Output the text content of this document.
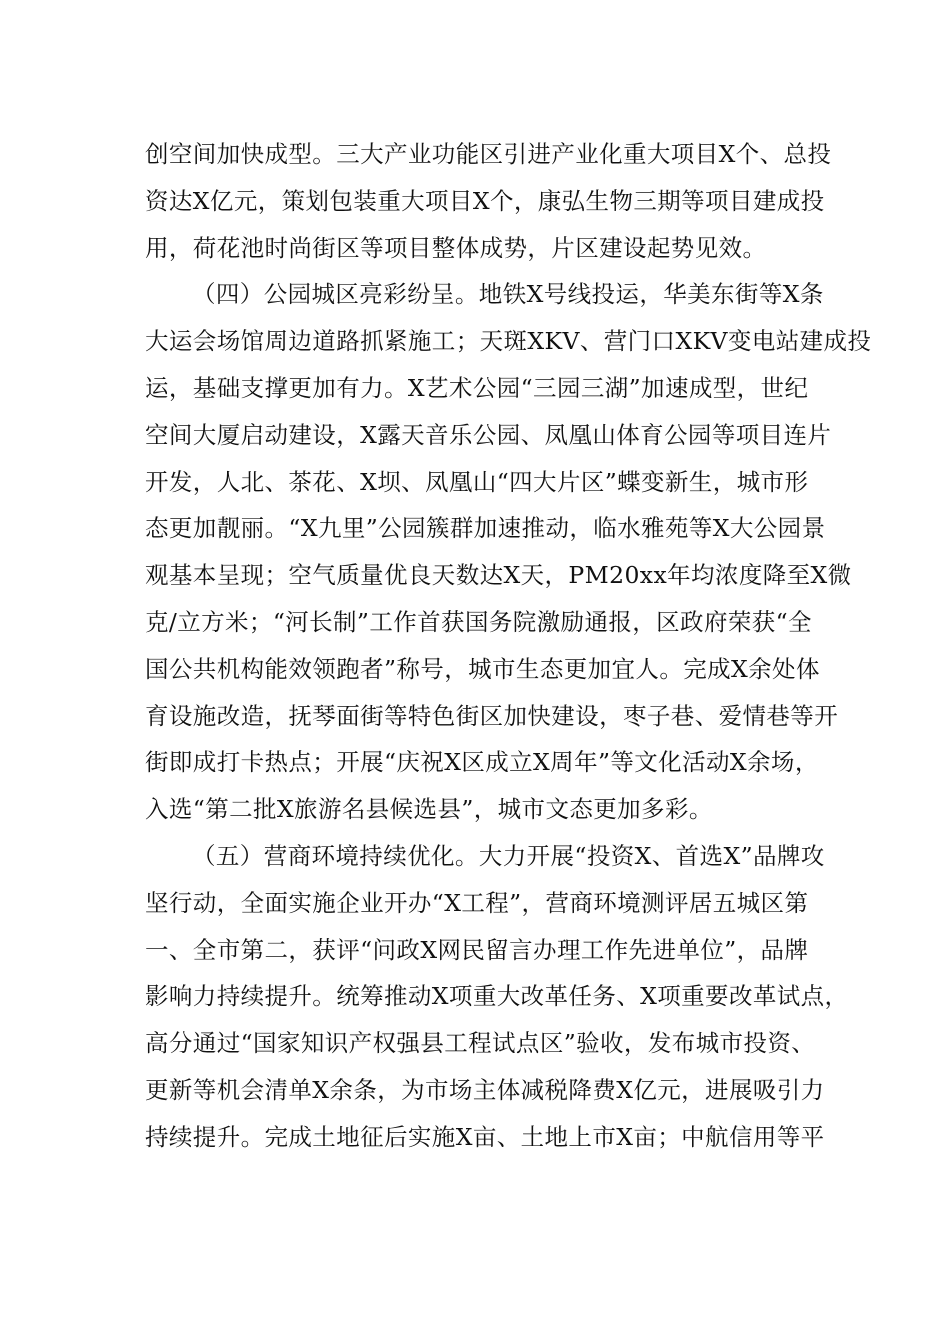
创空间加快成型。三大产业功能区引进产业化重大项目X个、总投
资达X亿元，策划包装重大项目X个，康弘生物三期等项目建成投
用，荷花池时尚街区等项目整体成势，片区建设起势见效。
（四）公园城区亮彩纷呈。地铁X号线投运，华美东街等X条
大运会场馆周边道路抓紧施工；天斑XKV、营门口XKV变电站建成投
运，基础支撑更加有力。X艺术公园“三园三湖”加速成型，世纪
空间大厦启动建设，X露天音乐公园、凤凰山体育公园等项目连片
开发，人北、茶花、X坝、凤凰山“四大片区”蝶变新生，城市形
态更加靓丽。“X九里”公园簇群加速推动，临水雅苑等X大公园景
观基本呈现；空气质量优良天数达X天，PM20xx年均浓度降至X微
克/立方米；“河长制”工作首获国务院激励通报，区政府荣获“全
国公共机构能效领跑者”称号，城市生态更加宜人。完成X余处体
育设施改造，抚琴面街等特色街区加快建设，枣子巷、爱情巷等开
街即成打卡热点；开展“庆祝X区成立X周年”等文化活动X余场，
入选“第二批X旅游名县候选县”，城市文态更加多彩。
（五）营商环境持续优化。大力开展“投资X、首选X”品牌攻
坚行动，全面实施企业开办“X工程”，营商环境测评居五城区第
一、全市第二，获评“问政X网民留言办理工作先进单位”，品牌
影响力持续提升。统筹推动X项重大改革任务、X项重要改革试点，
高分通过“国家知识产权强县工程试点区”验收，发布城市投资、
更新等机会清单X余条，为市场主体减税降费X亿元，进展吸引力
持续提升。完成土地征后实施X亩、土地上市X亩；中航信用等平
